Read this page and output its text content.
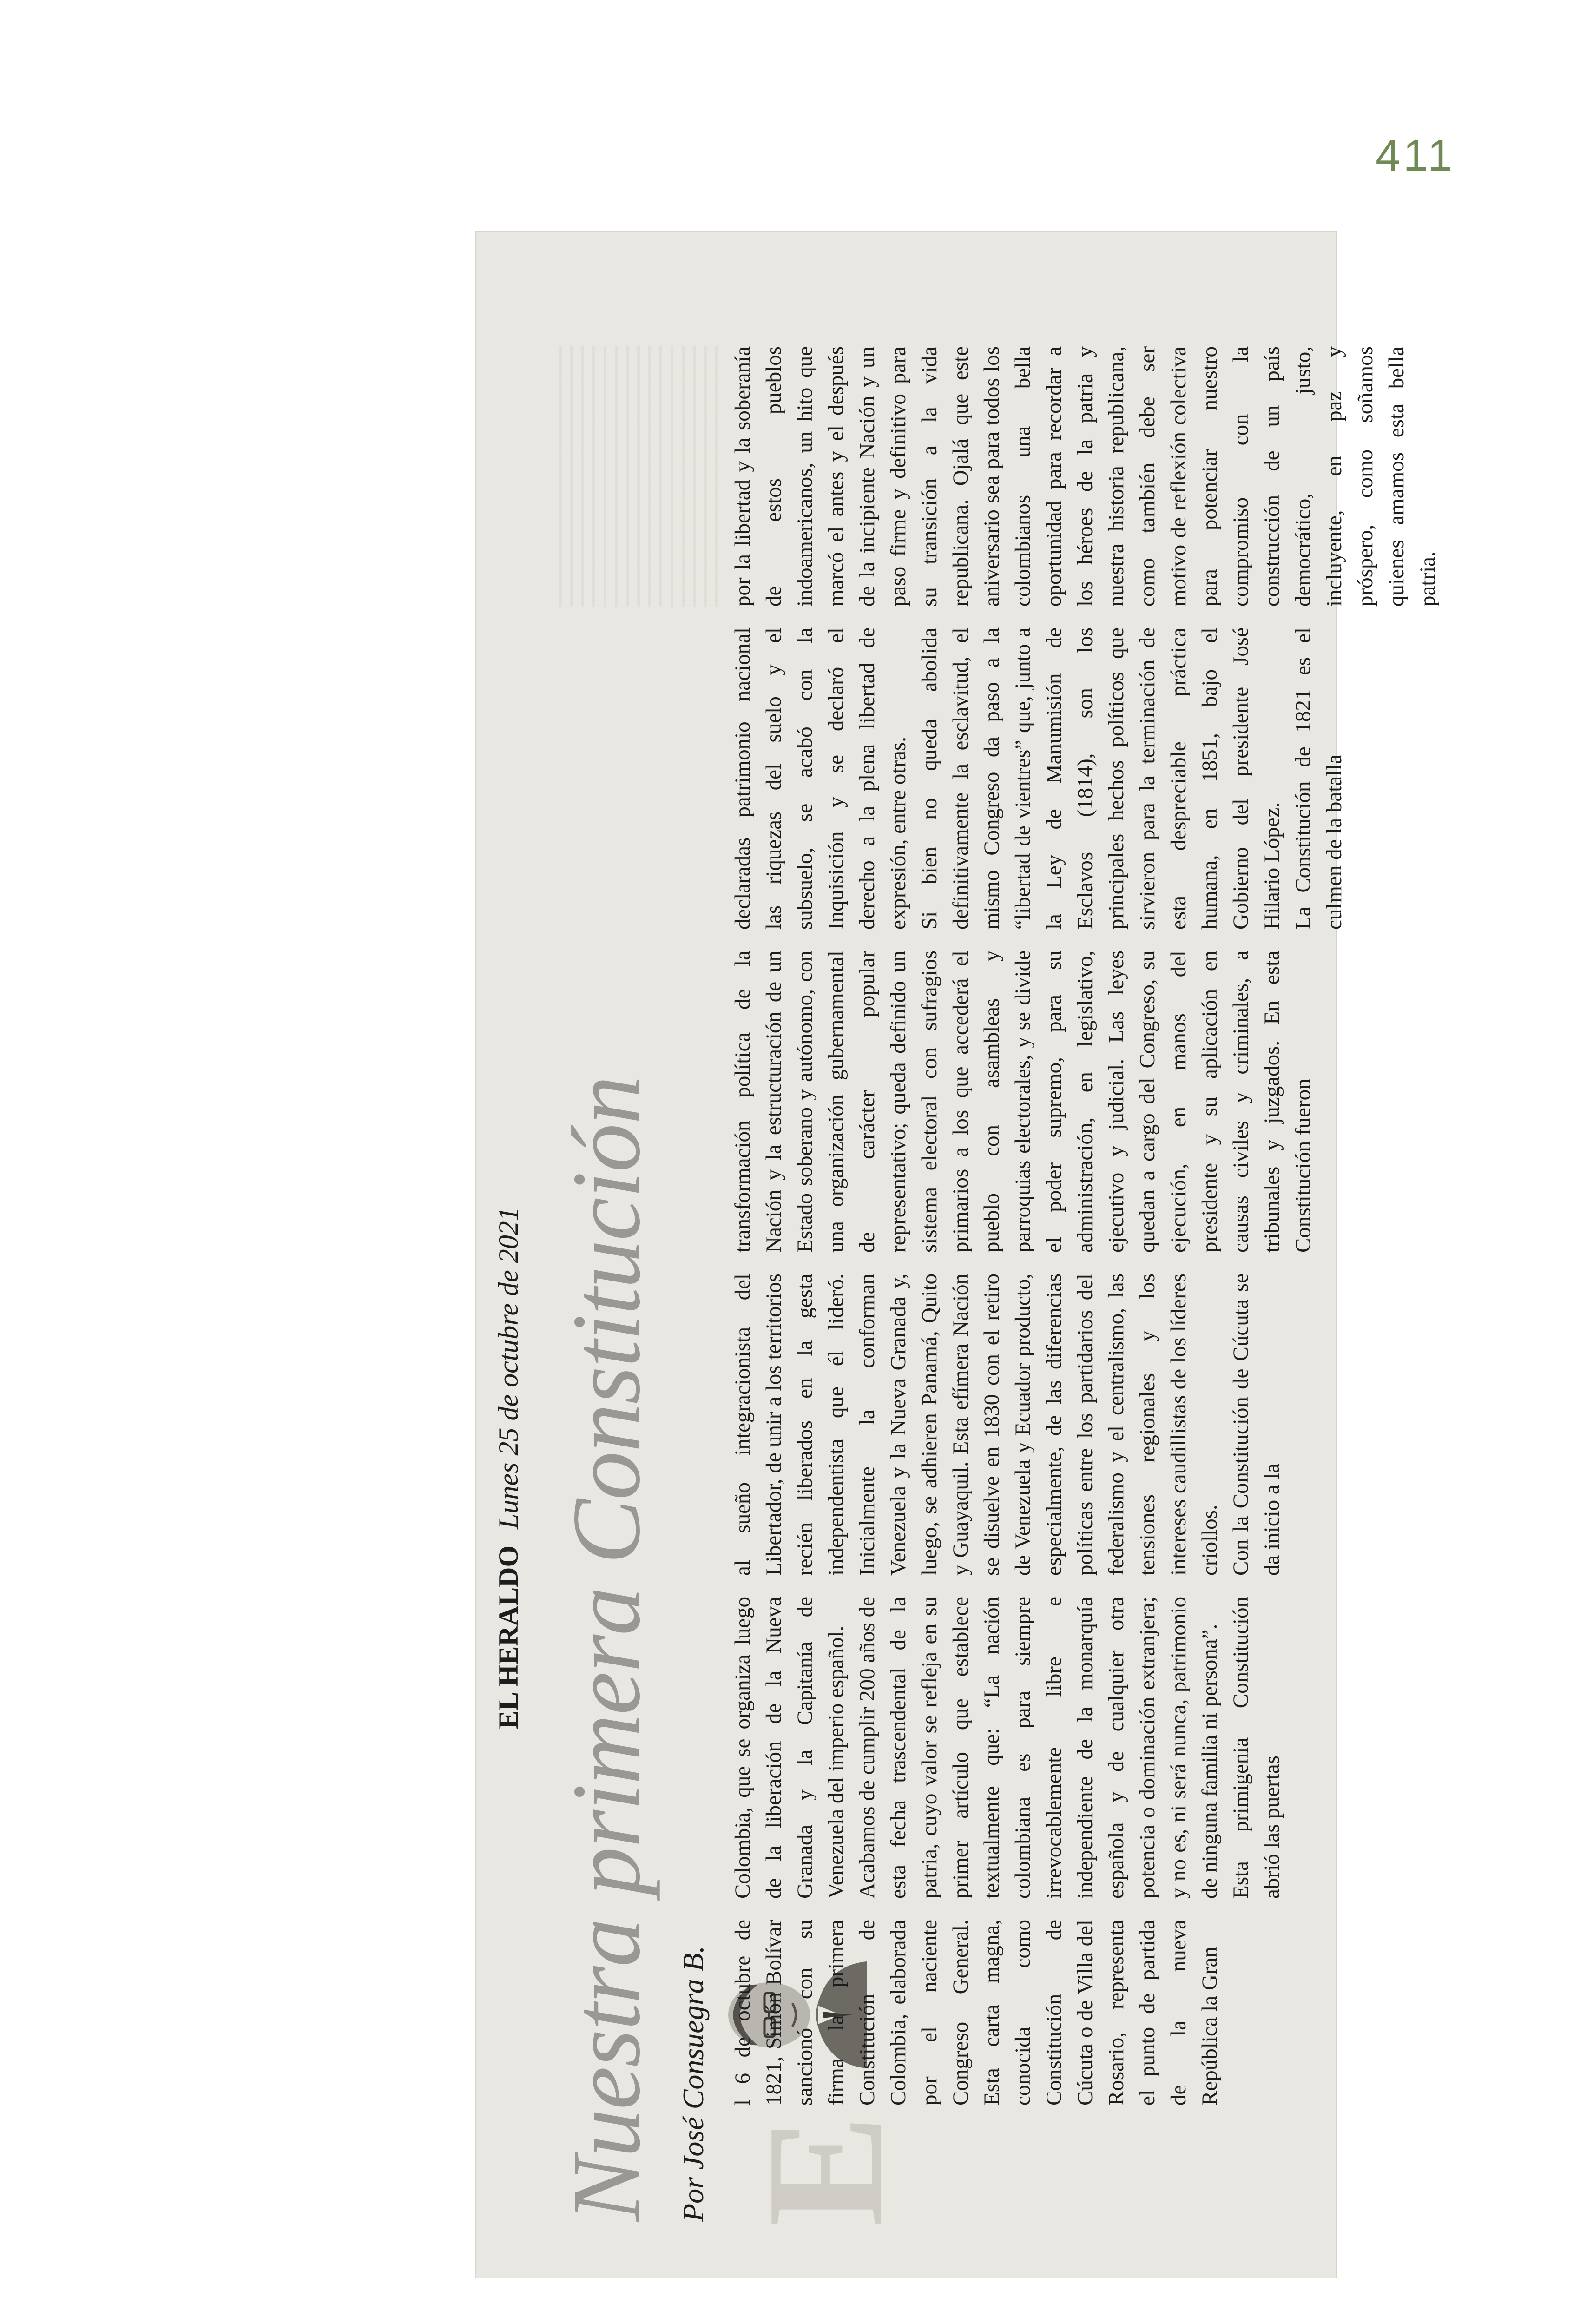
411
EL HERALDO Lunes 25 de octubre de 2021 Nuestra primera Constitución Por José Consuegra B. E

l 6 de octubre de 1821, Simón Bolívar sancionó con su firma la primera Constitución de Colombia, elaborada por el naciente Congreso General. Esta carta magna, conocida como Constitución de Cúcuta o de Villa del Rosario, representa el punto de partida de la nueva República la Gran

Colombia, que se organiza luego de la liberación de la Nueva Granada y la Capitanía de Venezuela del imperio español.
Acabamos de cumplir 200 años de esta fecha trascendental de la patria, cuyo valor se refleja en su primer artículo que establece textualmente que: “La nación colombiana es para siempre irrevocablemente libre e independiente de la monarquía española y de cualquier otra potencia o dominación extranjera; y no es, ni será nunca, patrimonio de ninguna familia ni persona”.
Esta primigenia Constitución abrió las puertas

al sueño integracionista del Libertador, de unir a los territorios recién liberados en la gesta independentista que él lideró. Inicialmente la conforman Venezuela y la Nueva Granada y, luego, se adhieren Panamá, Quito y Guayaquil. Esta efímera Nación se disuelve en 1830 con el retiro de Venezuela y Ecuador producto, especialmente, de las diferencias políticas entre los partidarios del federalismo y el centralismo, las tensiones regionales y los intereses caudillistas de los líderes criollos.
Con la Constitución de Cúcuta se da inicio a la

transformación política de la Nación y la estructuración de un Estado soberano y autónomo, con una organización gubernamental de carácter popular representativo; queda definido un sistema electoral con sufragios primarios a los que accederá el pueblo con asambleas y parroquias electorales, y se divide el poder supremo, para su administración, en legislativo, ejecutivo y judicial. Las leyes quedan a cargo del Congreso, su ejecución, en manos del presidente y su aplicación en causas civiles y criminales, a tribunales y juzgados. En esta Constitución fueron

declaradas patrimonio nacional las riquezas del suelo y el subsuelo, se acabó con la Inquisición y se declaró el derecho a la plena libertad de expresión, entre otras.
Si bien no queda abolida definitivamente la esclavitud, el mismo Congreso da paso a la “libertad de vientres” que, junto a la Ley de Manumisión de Esclavos (1814), son los principales hechos políticos que sirvieron para la terminación de esta despreciable práctica humana, en 1851, bajo el Gobierno del presidente José Hilario López.
La Constitución de 1821 es el culmen de la batalla

por la libertad y la soberanía de estos pueblos indoamericanos, un hito que marcó el antes y el después de la incipiente Nación y un paso firme y definitivo para su transición a la vida republicana. Ojalá que este aniversario sea para todos los colombianos una bella oportunidad para recordar a los héroes de la patria y nuestra historia republicana, como también debe ser motivo de reflexión colectiva para potenciar nuestro compromiso con la construcción de un país democrático, justo, incluyente, en paz y próspero, como soñamos quienes amamos esta bella patria.
